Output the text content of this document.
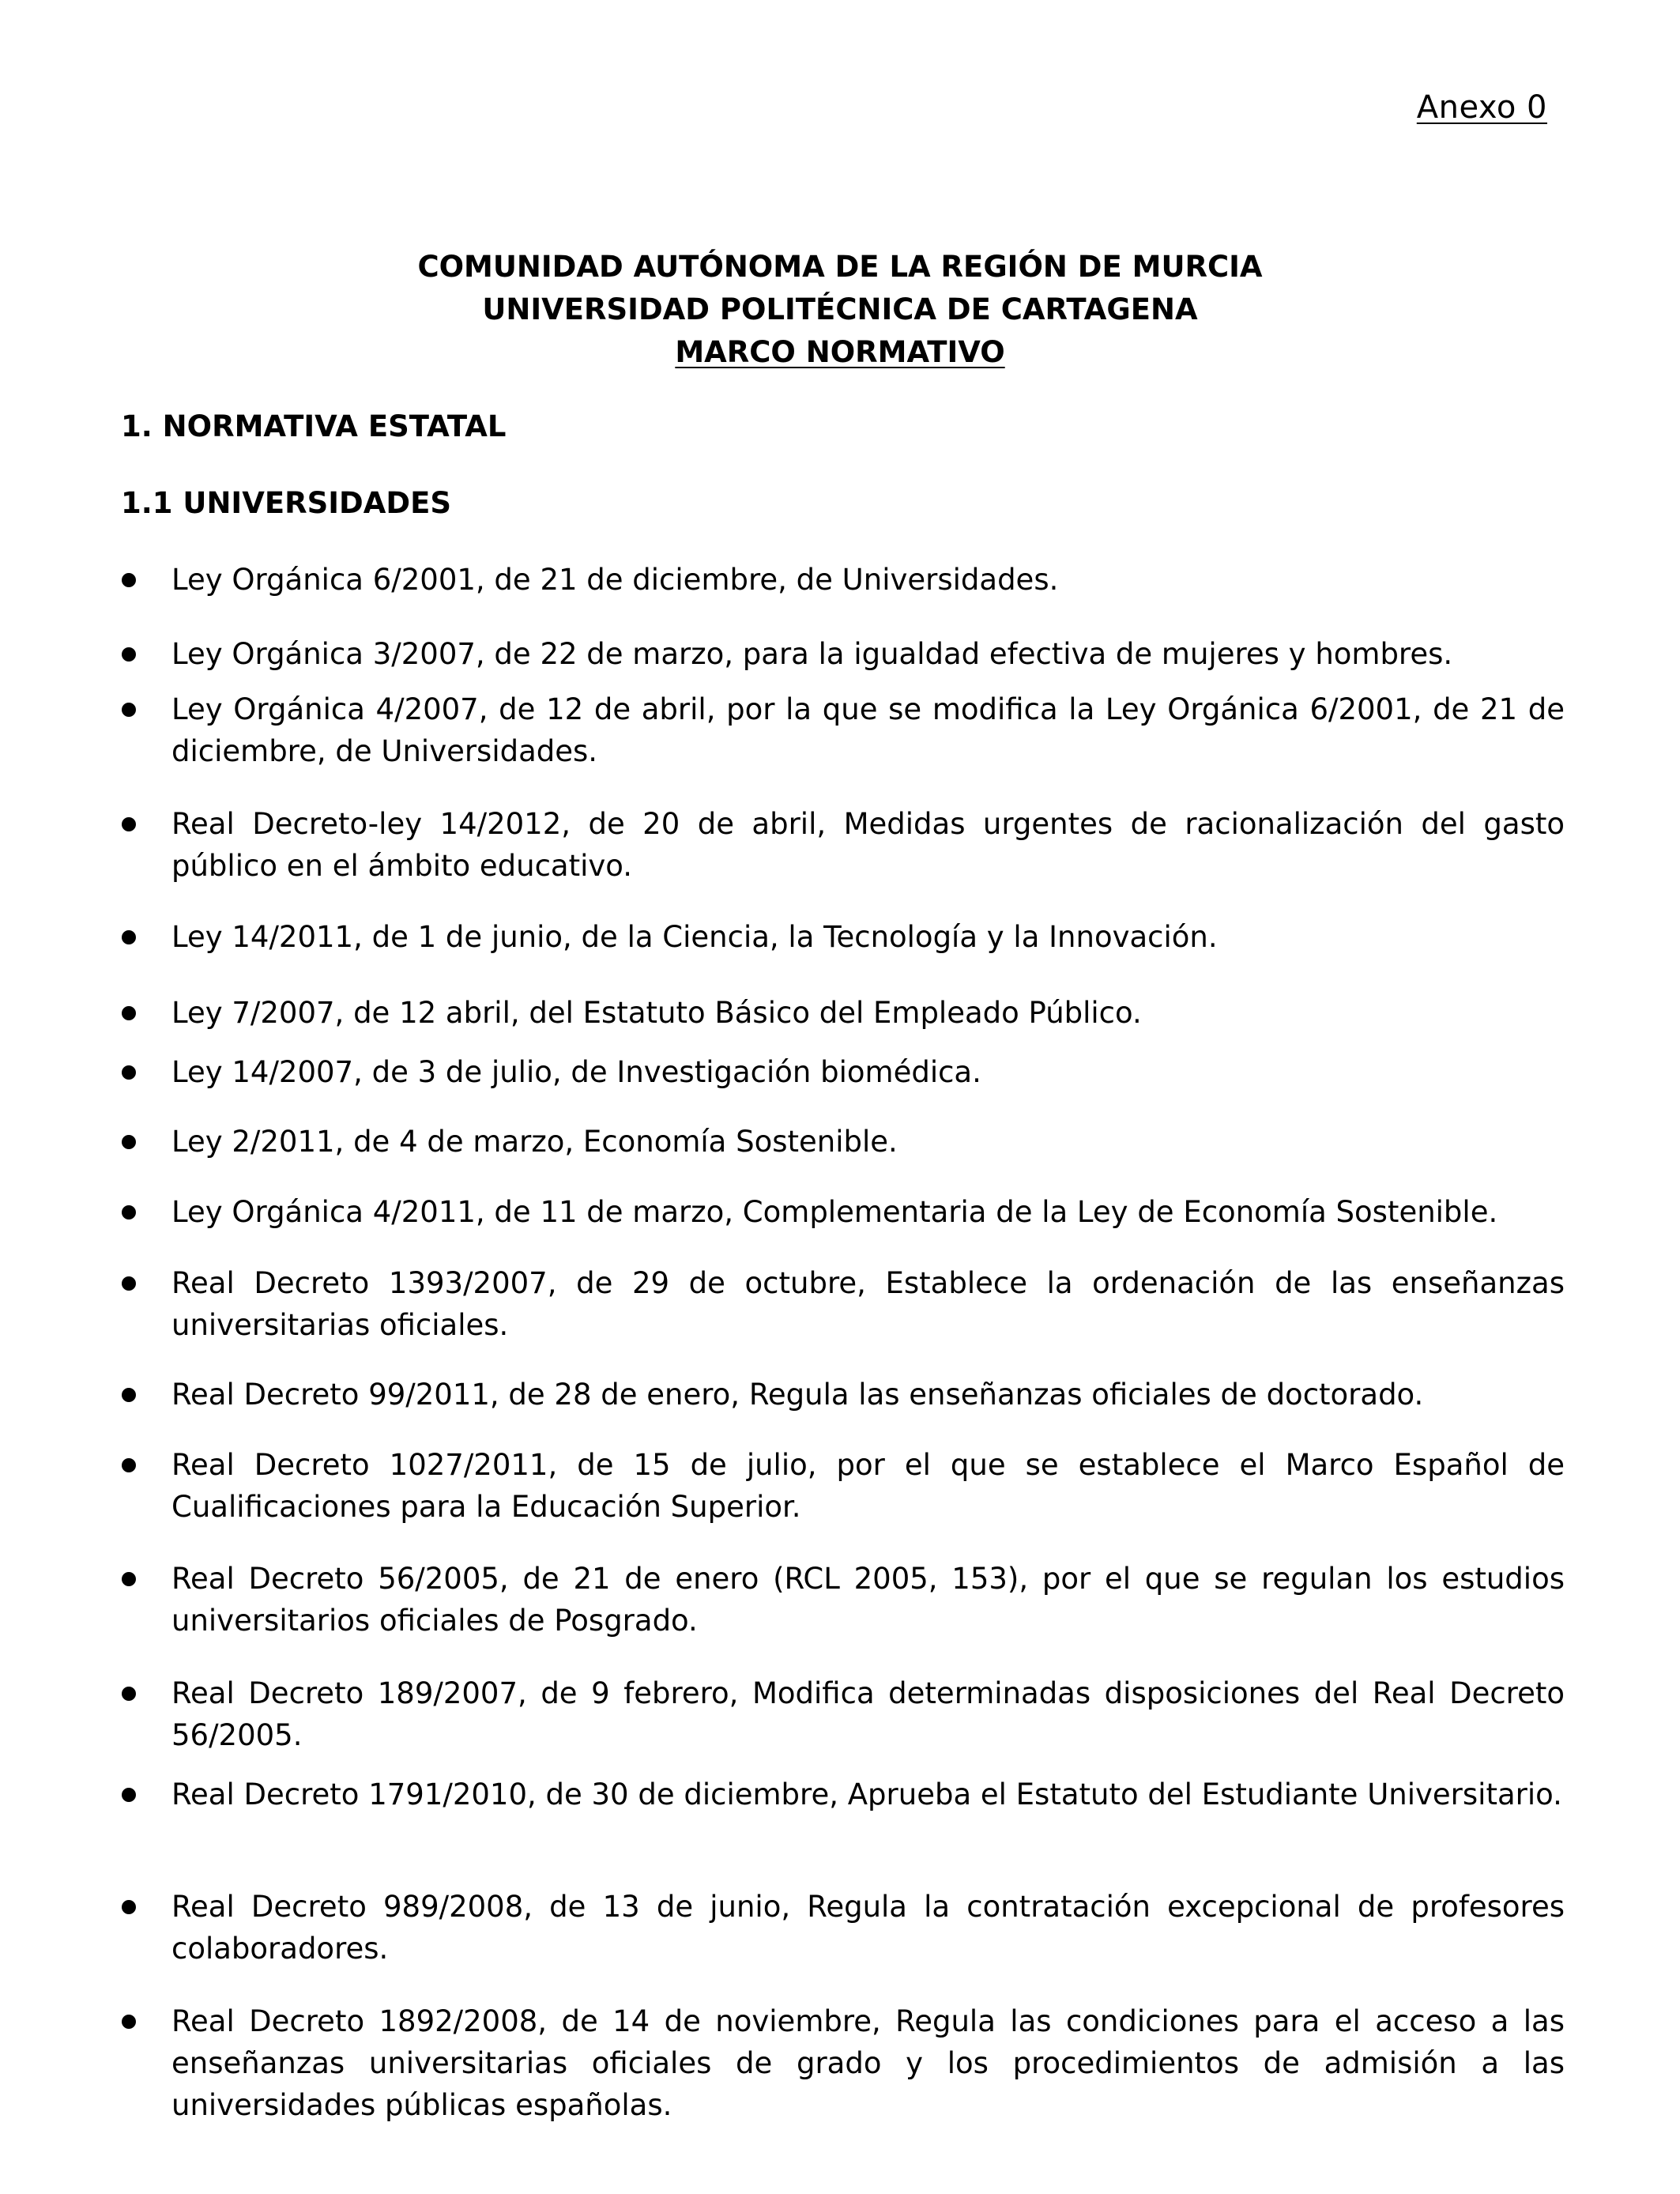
Anexo 0
COMUNIDAD AUTÓNOMA DE LA REGIÓN DE MURCIA
UNIVERSIDAD POLITÉCNICA DE CARTAGENA
MARCO NORMATIVO
1. NORMATIVA ESTATAL
1.1 UNIVERSIDADES
Ley Orgánica 6/2001, de 21 de diciembre, de Universidades.
Ley Orgánica 3/2007, de 22 de marzo, para la igualdad efectiva de mujeres y hombres.
Ley Orgánica 4/2007, de 12 de abril, por la que se modifica la Ley Orgánica 6/2001, de 21 de diciembre, de Universidades.
Real Decreto-ley 14/2012, de 20 de abril, Medidas urgentes de racionalización del gasto público en el ámbito educativo.
Ley 14/2011, de 1 de junio, de la Ciencia, la Tecnología y la Innovación.
Ley 7/2007, de 12 abril, del Estatuto Básico del Empleado Público.
Ley 14/2007, de 3 de julio, de Investigación biomédica.
Ley 2/2011, de 4 de marzo, Economía Sostenible.
Ley Orgánica 4/2011, de 11 de marzo, Complementaria de la Ley de Economía Sostenible.
Real Decreto 1393/2007, de 29 de octubre, Establece la ordenación de las enseñanzas universitarias oficiales.
Real Decreto 99/2011, de 28 de enero, Regula las enseñanzas oficiales de doctorado.
Real Decreto 1027/2011, de 15 de julio, por el que se establece el Marco Español de Cualificaciones para la Educación Superior.
Real Decreto 56/2005, de 21 de enero (RCL 2005, 153), por el que se regulan los estudios universitarios oficiales de Posgrado.
Real Decreto 189/2007, de 9 febrero, Modifica determinadas disposiciones del Real Decreto 56/2005.
Real Decreto 1791/2010, de 30 de diciembre, Aprueba el Estatuto del Estudiante Universitario.
Real Decreto 989/2008, de 13 de junio, Regula la contratación excepcional de profesores colaboradores.
Real Decreto 1892/2008, de 14 de noviembre, Regula las condiciones para el acceso a las enseñanzas universitarias oficiales de grado y los procedimientos de admisión a las universidades públicas españolas.
